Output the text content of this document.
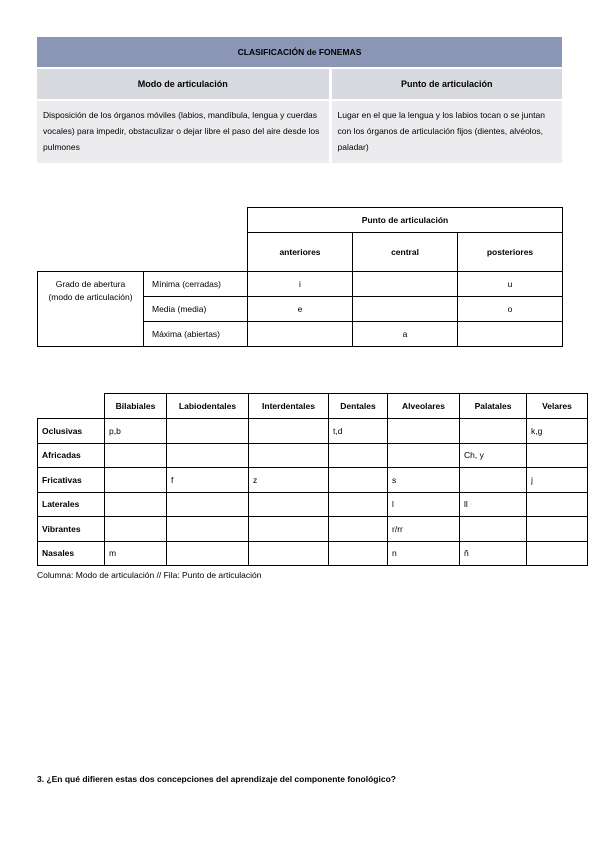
CLASIFICACIÓN de FONEMAS	
Modo de articulación	Punto de articulación
Disposición de los órganos móviles (labios, mandíbula, lengua y cuerdas vocales) para impedir, obstaculizar o dejar libre el paso del aire desde los pulmones	Lugar en el que la lengua y los labios tocan o se juntan con los órganos de articulación fijos (dientes, alvéolos, paladar)
		Punto de articulación		
		anteriores	central	posteriores
Grado de abertura (modo de articulación)	Mínima (cerradas)	i		u
	Media (media)	e		o
	Máxima (abiertas)		a	
	Bilabiales	Labiodentales	Interdentales	Dentales	Alveolares	Palatales	Velares
Oclusivas	p,b			t,d			k,g
Africadas						Ch, y	
Fricativas		f	z		s		j
Laterales					l	ll	
Vibrantes					r/rr		
Nasales	m				n	ñ	
Columna: Modo de articulación // Fila: Punto de articulación
3. ¿En qué difieren estas dos concepciones del aprendizaje del componente fonológico?
